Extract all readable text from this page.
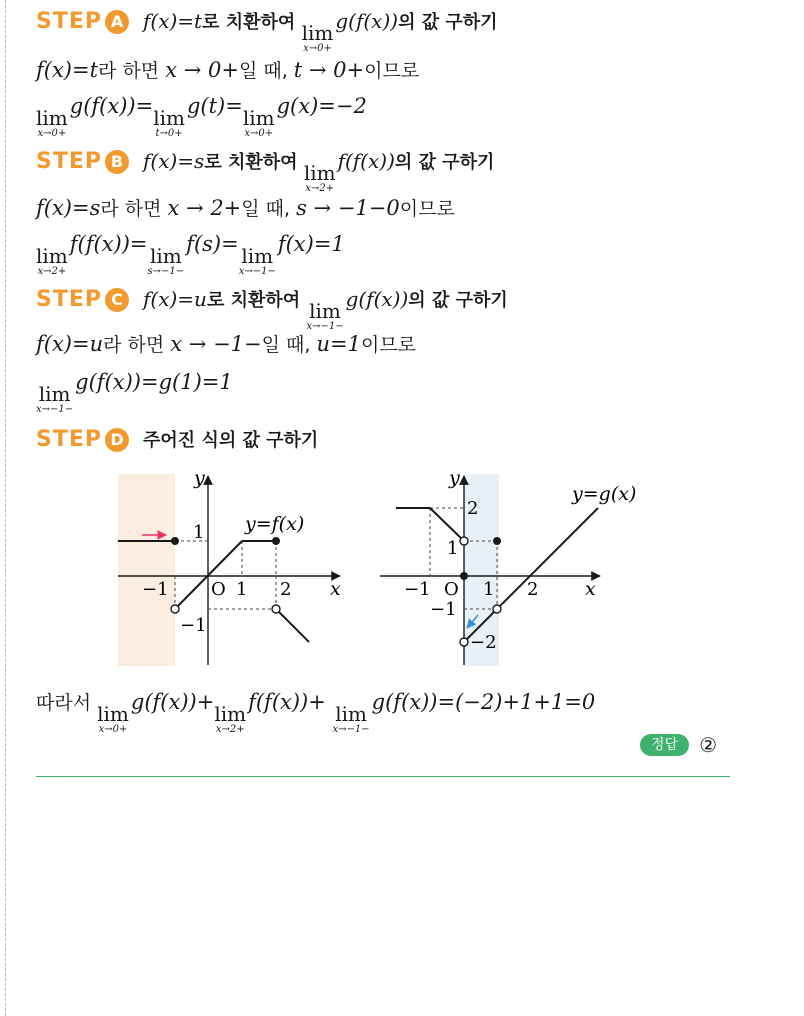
STEP A f(x)=t로 치환하여 lim
x→0+
g(f(x))의 값 구하기
f(x)=t라 하면 x → 0+일 때, t → 0+이므로
lim
x→0+
g(f(x))= lim
t→0+
g(t)= lim
x→0+
g(x)=−2
STEP B f(x)=s로 치환하여 lim
x→2+
f(f(x))의 값 구하기
f(x)=s라 하면 x → 2+일 때, s → −1−0이므로
lim
x→2+
f(f(x))= lim
s→−1−
f(s)= lim
x→−1−
f(x)=1
STEP C	f(x)=u로 치환하여 lim
x→−1−
g(f(x))의 값 구하기
f(x)=u라 하면 x → −1−일 때, u=1이므로
lim
x→−1−
g(f(x))=g(1)=1
STEP D 주어진 식의 값 구하기
y
x
O
−1	1 2
1
−1
y=f(x)
y
x
O
−1	1 2
2
1
−1
−2
y=g(x)
따라서 lim
x→0+
g(f(x))+ lim
x→2+
f(f(x))+ lim
x→−1−
g(f(x))=(−2)+1+1=0
정답	②
